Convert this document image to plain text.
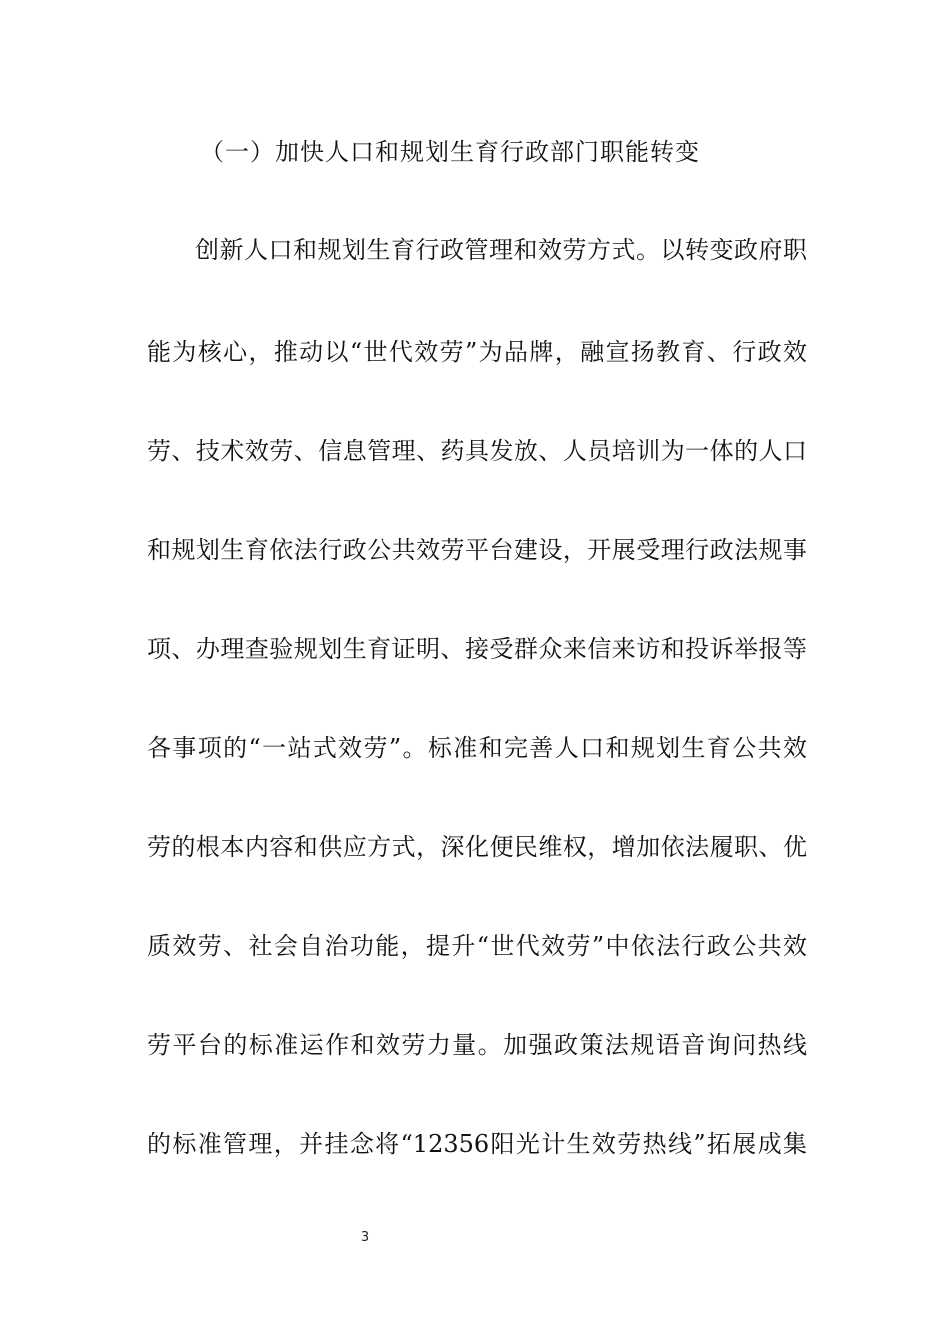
（一）加快人口和规划生育行政部门职能转变
创新人口和规划生育行政管理和效劳方式。以转变政府职
能为核心，推动以“世代效劳”为品牌，融宣扬教育、行政效
劳、技术效劳、信息管理、药具发放、人员培训为一体的人口
和规划生育依法行政公共效劳平台建设，开展受理行政法规事
项、办理查验规划生育证明、接受群众来信来访和投诉举报等
各事项的“一站式效劳”。标准和完善人口和规划生育公共效
劳的根本内容和供应方式，深化便民维权，增加依法履职、优
质效劳、社会自治功能，提升“世代效劳”中依法行政公共效
劳平台的标准运作和效劳力量。加强政策法规语音询问热线
的标准管理，并挂念将“12356阳光计生效劳热线”拓展成集
3
